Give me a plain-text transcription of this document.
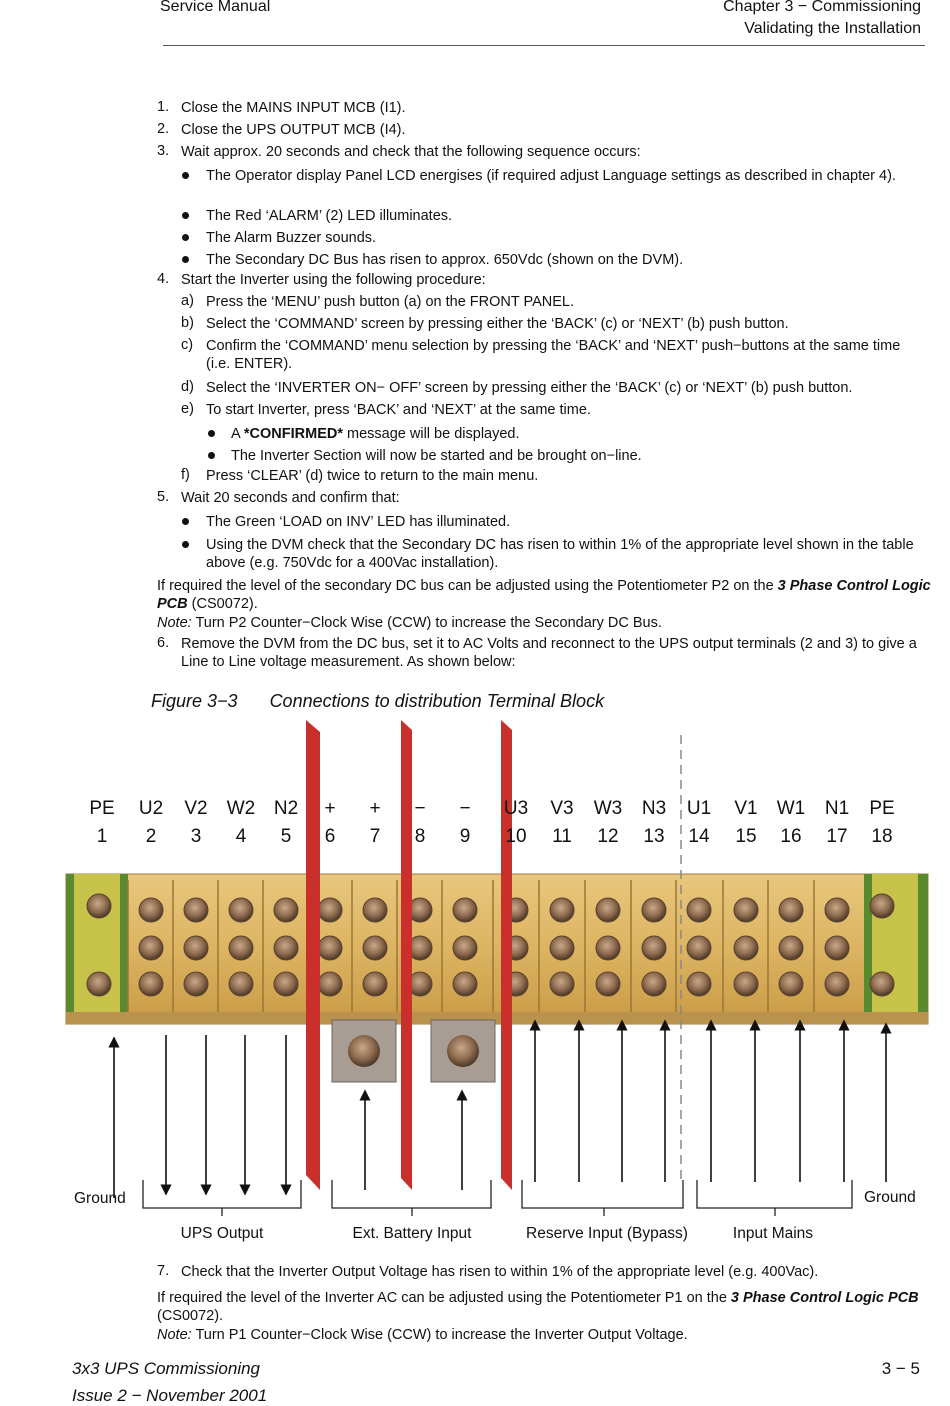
Service Manual	Chapter 3 − Commissioning
Validating the Installation
1. Close the MAINS INPUT MCB (I1).
2. Close the UPS OUTPUT MCB (I4).
3. Wait approx. 20 seconds and check that the following sequence occurs:
The Operator display Panel LCD energises (if required adjust Language settings as described in chapter 4).
The Red ‘ALARM’ (2) LED illuminates.
The Alarm Buzzer sounds.
The Secondary DC Bus has risen to approx. 650Vdc (shown on the DVM).
4. Start the Inverter using the following procedure:
a) Press the ‘MENU’ push button (a) on the FRONT PANEL.
b) Select the ‘COMMAND’ screen by pressing either the ‘BACK’ (c) or ‘NEXT’ (b) push button.
c) Confirm the ‘COMMAND’ menu selection by pressing the ‘BACK’ and ‘NEXT’ push−buttons at the same time (i.e. ENTER).
d) Select the ‘INVERTER ON− OFF’ screen by pressing either the ‘BACK’ (c) or ‘NEXT’ (b) push button.
e) To start Inverter, press ‘BACK’ and ‘NEXT’ at the same time.
A *CONFIRMED* message will be displayed.
The Inverter Section will now be started and be brought on−line.
f) Press ‘CLEAR’ (d) twice to return to the main menu.
5. Wait 20 seconds and confirm that:
The Green ‘LOAD on INV’ LED has illuminated.
Using the DVM check that the Secondary DC has risen to within 1% of the appropriate level shown in the table above (e.g. 750Vdc for a 400Vac installation).
If required the level of the secondary DC bus can be adjusted using the Potentiometer P2 on the 3 Phase Control Logic PCB (CS0072).
Note: Turn P2 Counter−Clock Wise (CCW) to increase the Secondary DC Bus.
6. Remove the DVM from the DC bus, set it to AC Volts and reconnect to the UPS output terminals (2 and 3) to give a Line to Line voltage measurement. As shown below:
Figure 3−3 Connections to distribution Terminal Block
PE U2 V2 W2 N2 + + − − U3 V3 W3 N3 U1 V1 W1 N1 PE
1 2 3 4 5 6 7 8 9 10 11 12 13 14 15 16 17 18
Ground	Ground
UPS Output	Ext. Battery Input	Reserve Input (Bypass)	Input Mains
7. Check that the Inverter Output Voltage has risen to within 1% of the appropriate level (e.g. 400Vac).
If required the level of the Inverter AC can be adjusted using the Potentiometer P1 on the 3 Phase Control Logic PCB (CS0072).
Note: Turn P1 Counter−Clock Wise (CCW) to increase the Inverter Output Voltage.
3x3 UPS Commissioning
Issue 2 − November 2001
3 − 5
